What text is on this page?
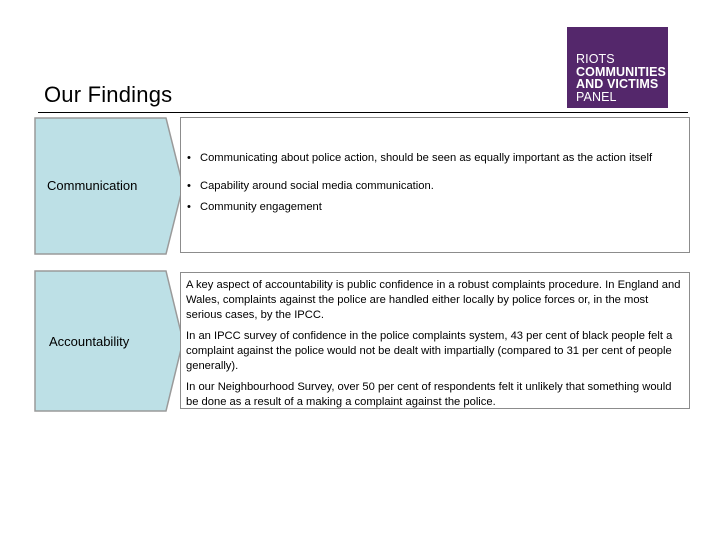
Our Findings
RIOTS
COMMUNITIES
AND VICTIMS
PANEL
Communication
• Communicating about police action, should be seen as equally important as the action itself
• Capability around social media communication.
• Community engagement
Accountability

A key aspect of accountability is public confidence in a robust complaints procedure. In England and Wales, complaints against the police are handled either locally by police forces or, in the most serious cases, by the IPCC.

In an IPCC survey of confidence in the police complaints system, 43 per cent of black people felt a complaint against the police would not be dealt with impartially (compared to 31 per cent of people generally).

In our Neighbourhood Survey, over 50 per cent of respondents felt it unlikely that something would be done as a result of a making a complaint against the police.
